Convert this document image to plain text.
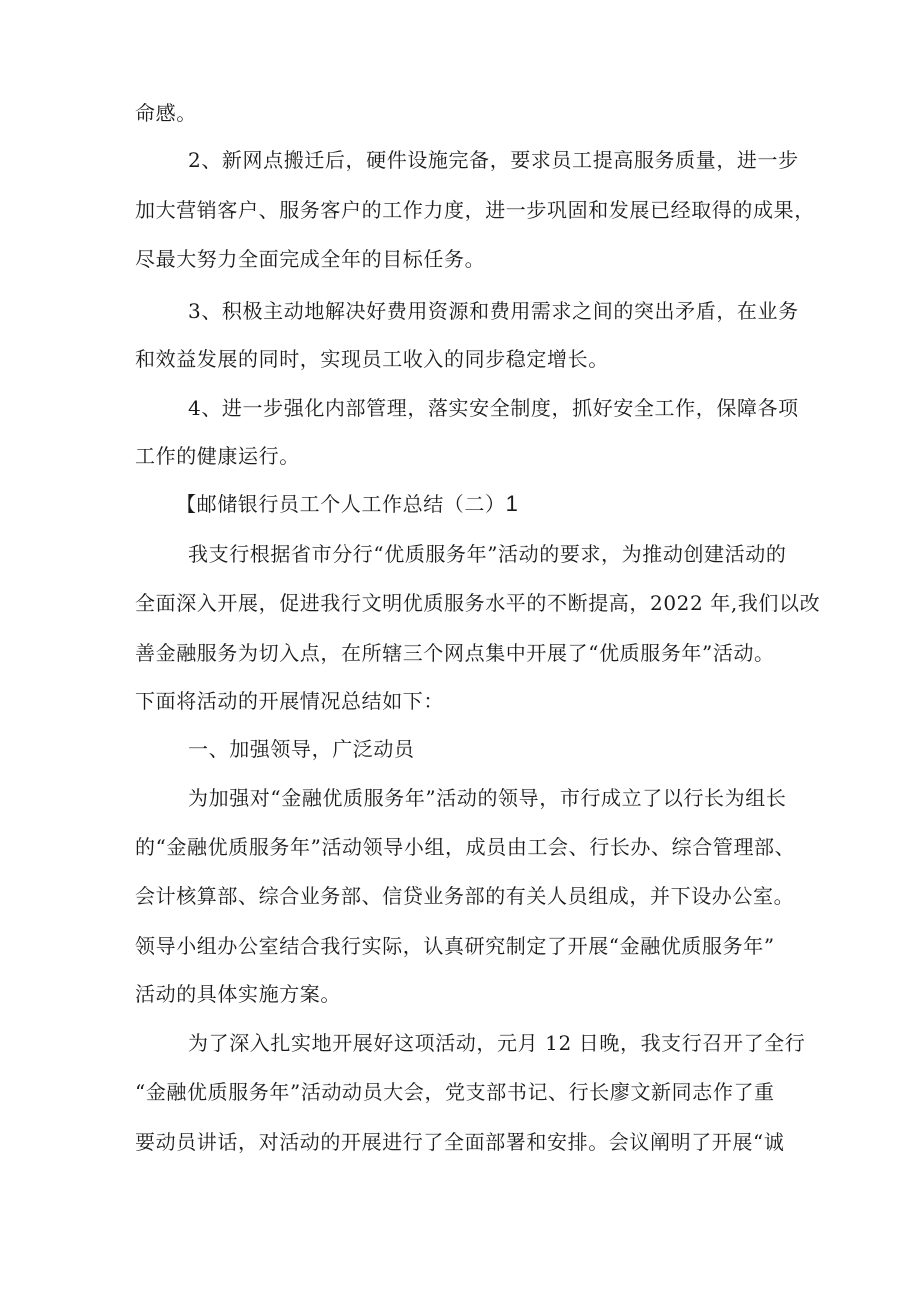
命感。
2、新网点搬迁后，硬件设施完备，要求员工提高服务质量，进一步
加大营销客户、服务客户的工作力度，进一步巩固和发展已经取得的成果，
尽最大努力全面完成全年的目标任务。
3、积极主动地解决好费用资源和费用需求之间的突出矛盾，在业务
和效益发展的同时，实现员工收入的同步稳定增长。
4、进一步强化内部管理，落实安全制度，抓好安全工作，保障各项
工作的健康运行。
【邮储银行员工个人工作总结（二）1
我支行根据省市分行“优质服务年”活动的要求，为推动创建活动的
全面深入开展，促进我行文明优质服务水平的不断提高，2022 年,我们以改
善金融服务为切入点，在所辖三个网点集中开展了“优质服务年”活动。
下面将活动的开展情况总结如下：
一、加强领导，广泛动员
为加强对“金融优质服务年”活动的领导，市行成立了以行长为组长
的“金融优质服务年”活动领导小组，成员由工会、行长办、综合管理部、
会计核算部、综合业务部、信贷业务部的有关人员组成，并下设办公室。
领导小组办公室结合我行实际，认真研究制定了开展“金融优质服务年”
活动的具体实施方案。
为了深入扎实地开展好这项活动，元月 12 日晚，我支行召开了全行
“金融优质服务年”活动动员大会，党支部书记、行长廖文新同志作了重
要动员讲话，对活动的开展进行了全面部署和安排。会议阐明了开展“诚
